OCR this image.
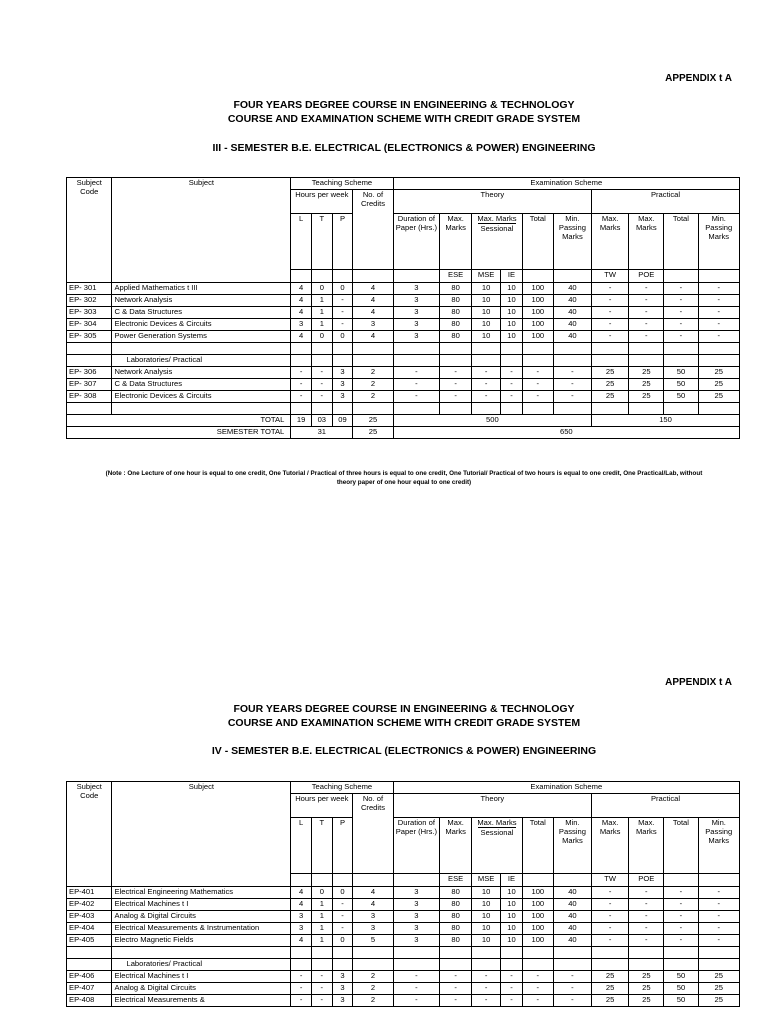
APPENDIX t A
FOUR YEARS DEGREE COURSE IN ENGINEERING & TECHNOLOGY
COURSE AND EXAMINATION SCHEME WITH CREDIT GRADE SYSTEM
III - SEMESTER B.E. ELECTRICAL (ELECTRONICS & POWER) ENGINEERING
Subject Code	Subject	Teaching Scheme				Examination Scheme									
		Hours per week			No. of Credits	Theory						Practical			
		L	T	P		Duration of Paper (Hrs.)	Max. Marks	Max. Marks
Sessional		Total	Min. Passing Marks	Max. Marks	Max. Marks	Total	Min. Passing Marks
							ESE	MSE	IE			TW	POE		
EP- 301	Applied Mathematics t III	4	0	0	4	3	80	10	10	100	40	-	-	-	-
EP- 302	Network Analysis	4	1	-	4	3	80	10	10	100	40	-	-	-	-
EP- 303	C & Data Structures	4	1	-	4	3	80	10	10	100	40	-	-	-	-
EP- 304	Electronic Devices & Circuits	3	1	-	3	3	80	10	10	100	40	-	-	-	-
EP- 305	Power Generation Systems	4	0	0	4	3	80	10	10	100	40	-	-	-	-

	Laboratories/ Practical														
EP- 306	Network Analysis	-	-	3	2	-	-	-	-	-	-	25	25	50	25
EP- 307	C & Data Structures	-	-	3	2	-	-	-	-	-	-	25	25	50	25
EP- 308	Electronic Devices & Circuits	-	-	3	2	-	-	-	-	-	-	25	25	50	25

TOTAL		19	03	09	25	500						150			
SEMESTER TOTAL		31			25	650									
(Note : One Lecture of one hour is equal to one credit, One Tutorial / Practical of three hours is equal to one credit, One Tutorial/ Practical of two hours is equal to one credit, One Practical/Lab, without
theory paper of one hour equal to one credit)
APPENDIX t A
FOUR YEARS DEGREE COURSE IN ENGINEERING & TECHNOLOGY
COURSE AND EXAMINATION SCHEME WITH CREDIT GRADE SYSTEM
IV - SEMESTER B.E. ELECTRICAL (ELECTRONICS & POWER) ENGINEERING
Subject Code	Subject	Teaching Scheme				Examination Scheme									
		Hours per week			No. of Credits	Theory						Practical			
		L	T	P		Duration of Paper (Hrs.)	Max. Marks	Max. Marks
Sessional		Total	Min. Passing Marks	Max. Marks	Max. Marks	Total	Min. Passing Marks
							ESE	MSE	IE			TW	POE		
EP-401	Electrical Engineering Mathematics	4	0	0	4	3	80	10	10	100	40	-	-	-	-
EP-402	Electrical Machines t I	4	1	-	4	3	80	10	10	100	40	-	-	-	-
EP-403	Analog & Digital Circuits	3	1	-	3	3	80	10	10	100	40	-	-	-	-
EP-404	Electrical Measurements & Instrumentation	3	1	-	3	3	80	10	10	100	40	-	-	-	-
EP-405	Electro Magnetic Fields	4	1	0	5	3	80	10	10	100	40	-	-	-	-

	Laboratories/ Practical														
EP-406	Electrical Machines t I	-	-	3	2	-	-	-	-	-	-	25	25	50	25
EP-407	Analog & Digital Circuits	-	-	3	2	-	-	-	-	-	-	25	25	50	25
EP-408	Electrical Measurements &	-	-	3	2	-	-	-	-	-	-	25	25	50	25
